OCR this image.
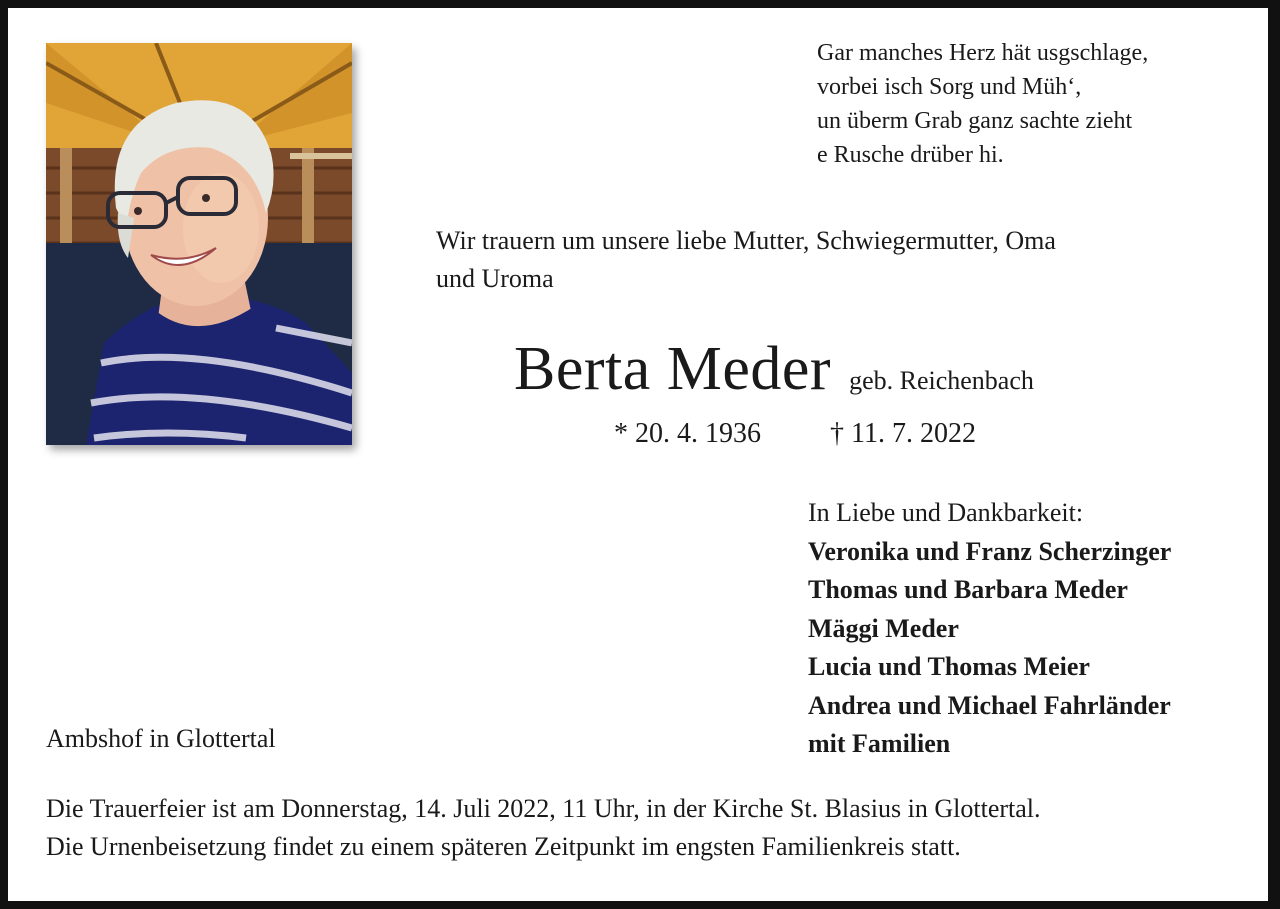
Gar manches Herz hät usgschlage,
vorbei isch Sorg und Müh‘,
un überm Grab ganz sachte zieht
e Rusche drüber hi.
Wir trauern um unsere liebe Mutter, Schwiegermutter, Oma
und Uroma
Berta Meder geb. Reichenbach
* 20. 4. 1936 † 11. 7. 2022
In Liebe und Dankbarkeit:
Veronika und Franz Scherzinger
Thomas und Barbara Meder
Mäggi Meder
Lucia und Thomas Meier
Andrea und Michael Fahrländer
mit Familien
Ambshof in Glottertal
Die Trauerfeier ist am Donnerstag, 14. Juli 2022, 11 Uhr, in der Kirche St. Blasius in Glottertal.
Die Urnenbeisetzung findet zu einem späteren Zeitpunkt im engsten Familienkreis statt.
